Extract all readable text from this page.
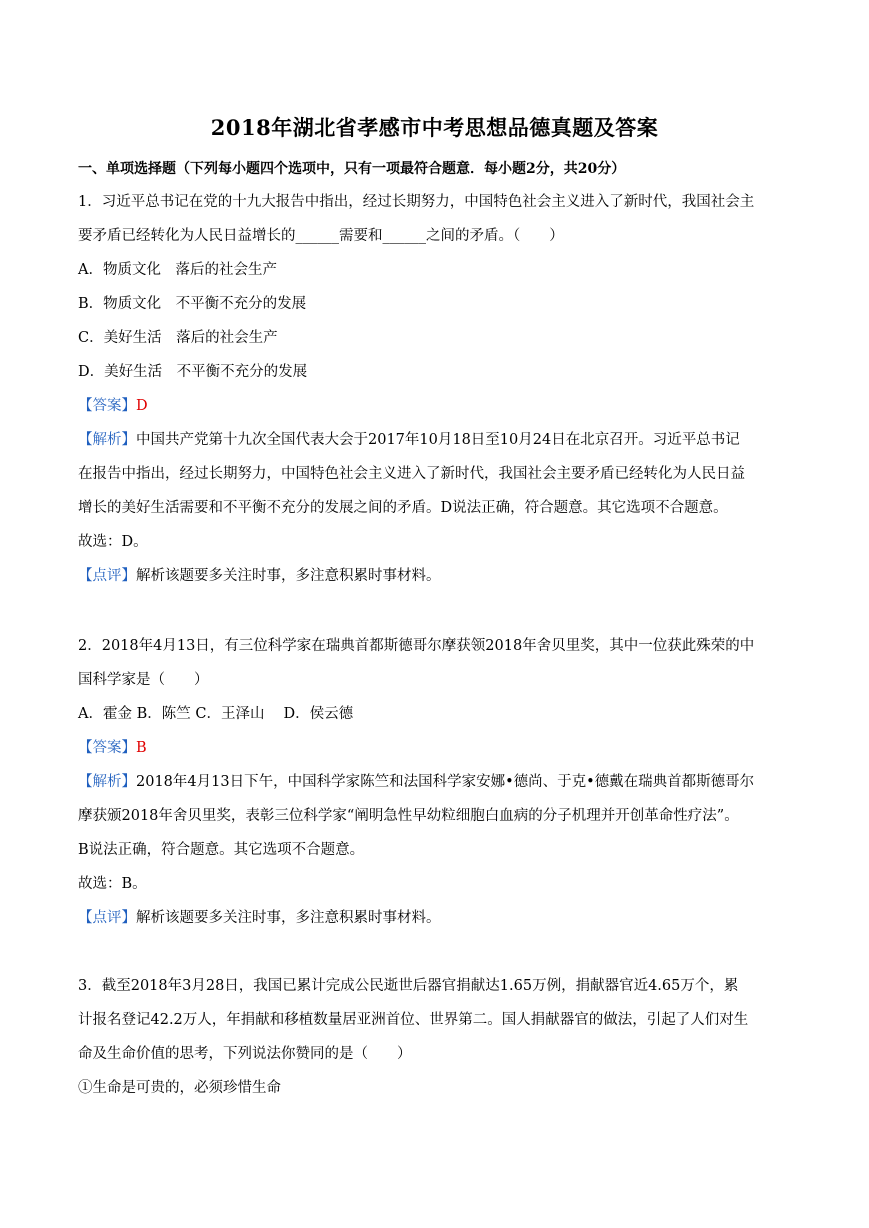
2018年湖北省孝感市中考思想品德真题及答案
一、单项选择题（下列每小题四个选项中，只有一项最符合题意．每小题2分，共20分）
1．习近平总书记在党的十九大报告中指出，经过长期努力，中国特色社会主义进入了新时代，我国社会主
要矛盾已经转化为人民日益增长的______需要和______之间的矛盾。（　　）
A．物质文化　落后的社会生产
B．物质文化　不平衡不充分的发展
C．美好生活　落后的社会生产
D．美好生活　不平衡不充分的发展
【答案】D
【解析】中国共产党第十九次全国代表大会于2017年10月18日至10月24日在北京召开。习近平总书记
在报告中指出，经过长期努力，中国特色社会主义进入了新时代，我国社会主要矛盾已经转化为人民日益
增长的美好生活需要和不平衡不充分的发展之间的矛盾。D说法正确，符合题意。其它选项不合题意。
故选：D。
【点评】解析该题要多关注时事，多注意积累时事材料。
2．2018年4月13日，有三位科学家在瑞典首都斯德哥尔摩获领2018年舍贝里奖，其中一位获此殊荣的中
国科学家是（　　）
A．霍金 B．陈竺 C．王泽山　 D．侯云德
【答案】B
【解析】2018年4月13日下午，中国科学家陈竺和法国科学家安娜•德尚、于克•德戴在瑞典首都斯德哥尔
摩获颁2018年舍贝里奖，表彰三位科学家“阐明急性早幼粒细胞白血病的分子机理并开创革命性疗法”。
B说法正确，符合题意。其它选项不合题意。
故选：B。
【点评】解析该题要多关注时事，多注意积累时事材料。
3．截至2018年3月28日，我国已累计完成公民逝世后器官捐献达1.65万例，捐献器官近4.65万个，累
计报名登记42.2万人，年捐献和移植数量居亚洲首位、世界第二。国人捐献器官的做法，引起了人们对生
命及生命价值的思考，下列说法你赞同的是（　　）
①生命是可贵的，必须珍惜生命
